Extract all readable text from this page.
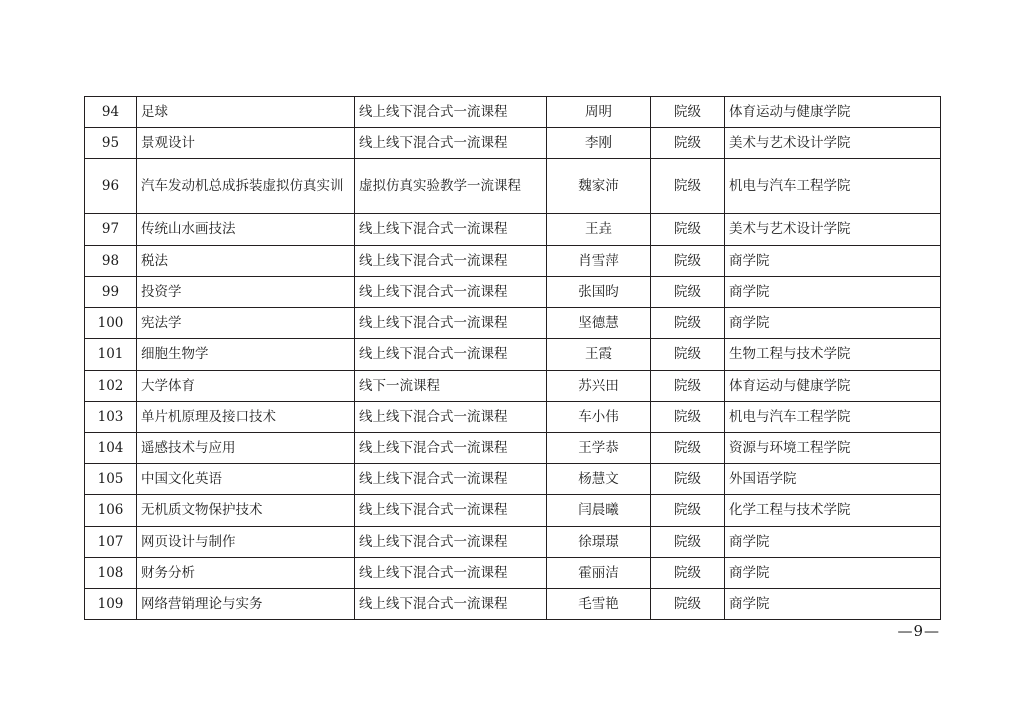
94	足球	线上线下混合式一流课程	周明	院级	体育运动与健康学院
95	景观设计	线上线下混合式一流课程	李刚	院级	美术与艺术设计学院
96	汽车发动机总成拆装虚拟仿真实训	虚拟仿真实验教学一流课程	魏家沛	院级	机电与汽车工程学院
97	传统山水画技法	线上线下混合式一流课程	王垚	院级	美术与艺术设计学院
98	税法	线上线下混合式一流课程	肖雪萍	院级	商学院
99	投资学	线上线下混合式一流课程	张国昀	院级	商学院
100	宪法学	线上线下混合式一流课程	坚德慧	院级	商学院
101	细胞生物学	线上线下混合式一流课程	王霞	院级	生物工程与技术学院
102	大学体育	线下一流课程	苏兴田	院级	体育运动与健康学院
103	单片机原理及接口技术	线上线下混合式一流课程	车小伟	院级	机电与汽车工程学院
104	遥感技术与应用	线上线下混合式一流课程	王学恭	院级	资源与环境工程学院
105	中国文化英语	线上线下混合式一流课程	杨慧文	院级	外国语学院
106	无机质文物保护技术	线上线下混合式一流课程	闫晨曦	院级	化学工程与技术学院
107	网页设计与制作	线上线下混合式一流课程	徐璟璟	院级	商学院
108	财务分析	线上线下混合式一流课程	霍丽洁	院级	商学院
109	网络营销理论与实务	线上线下混合式一流课程	毛雪艳	院级	商学院
—9—
